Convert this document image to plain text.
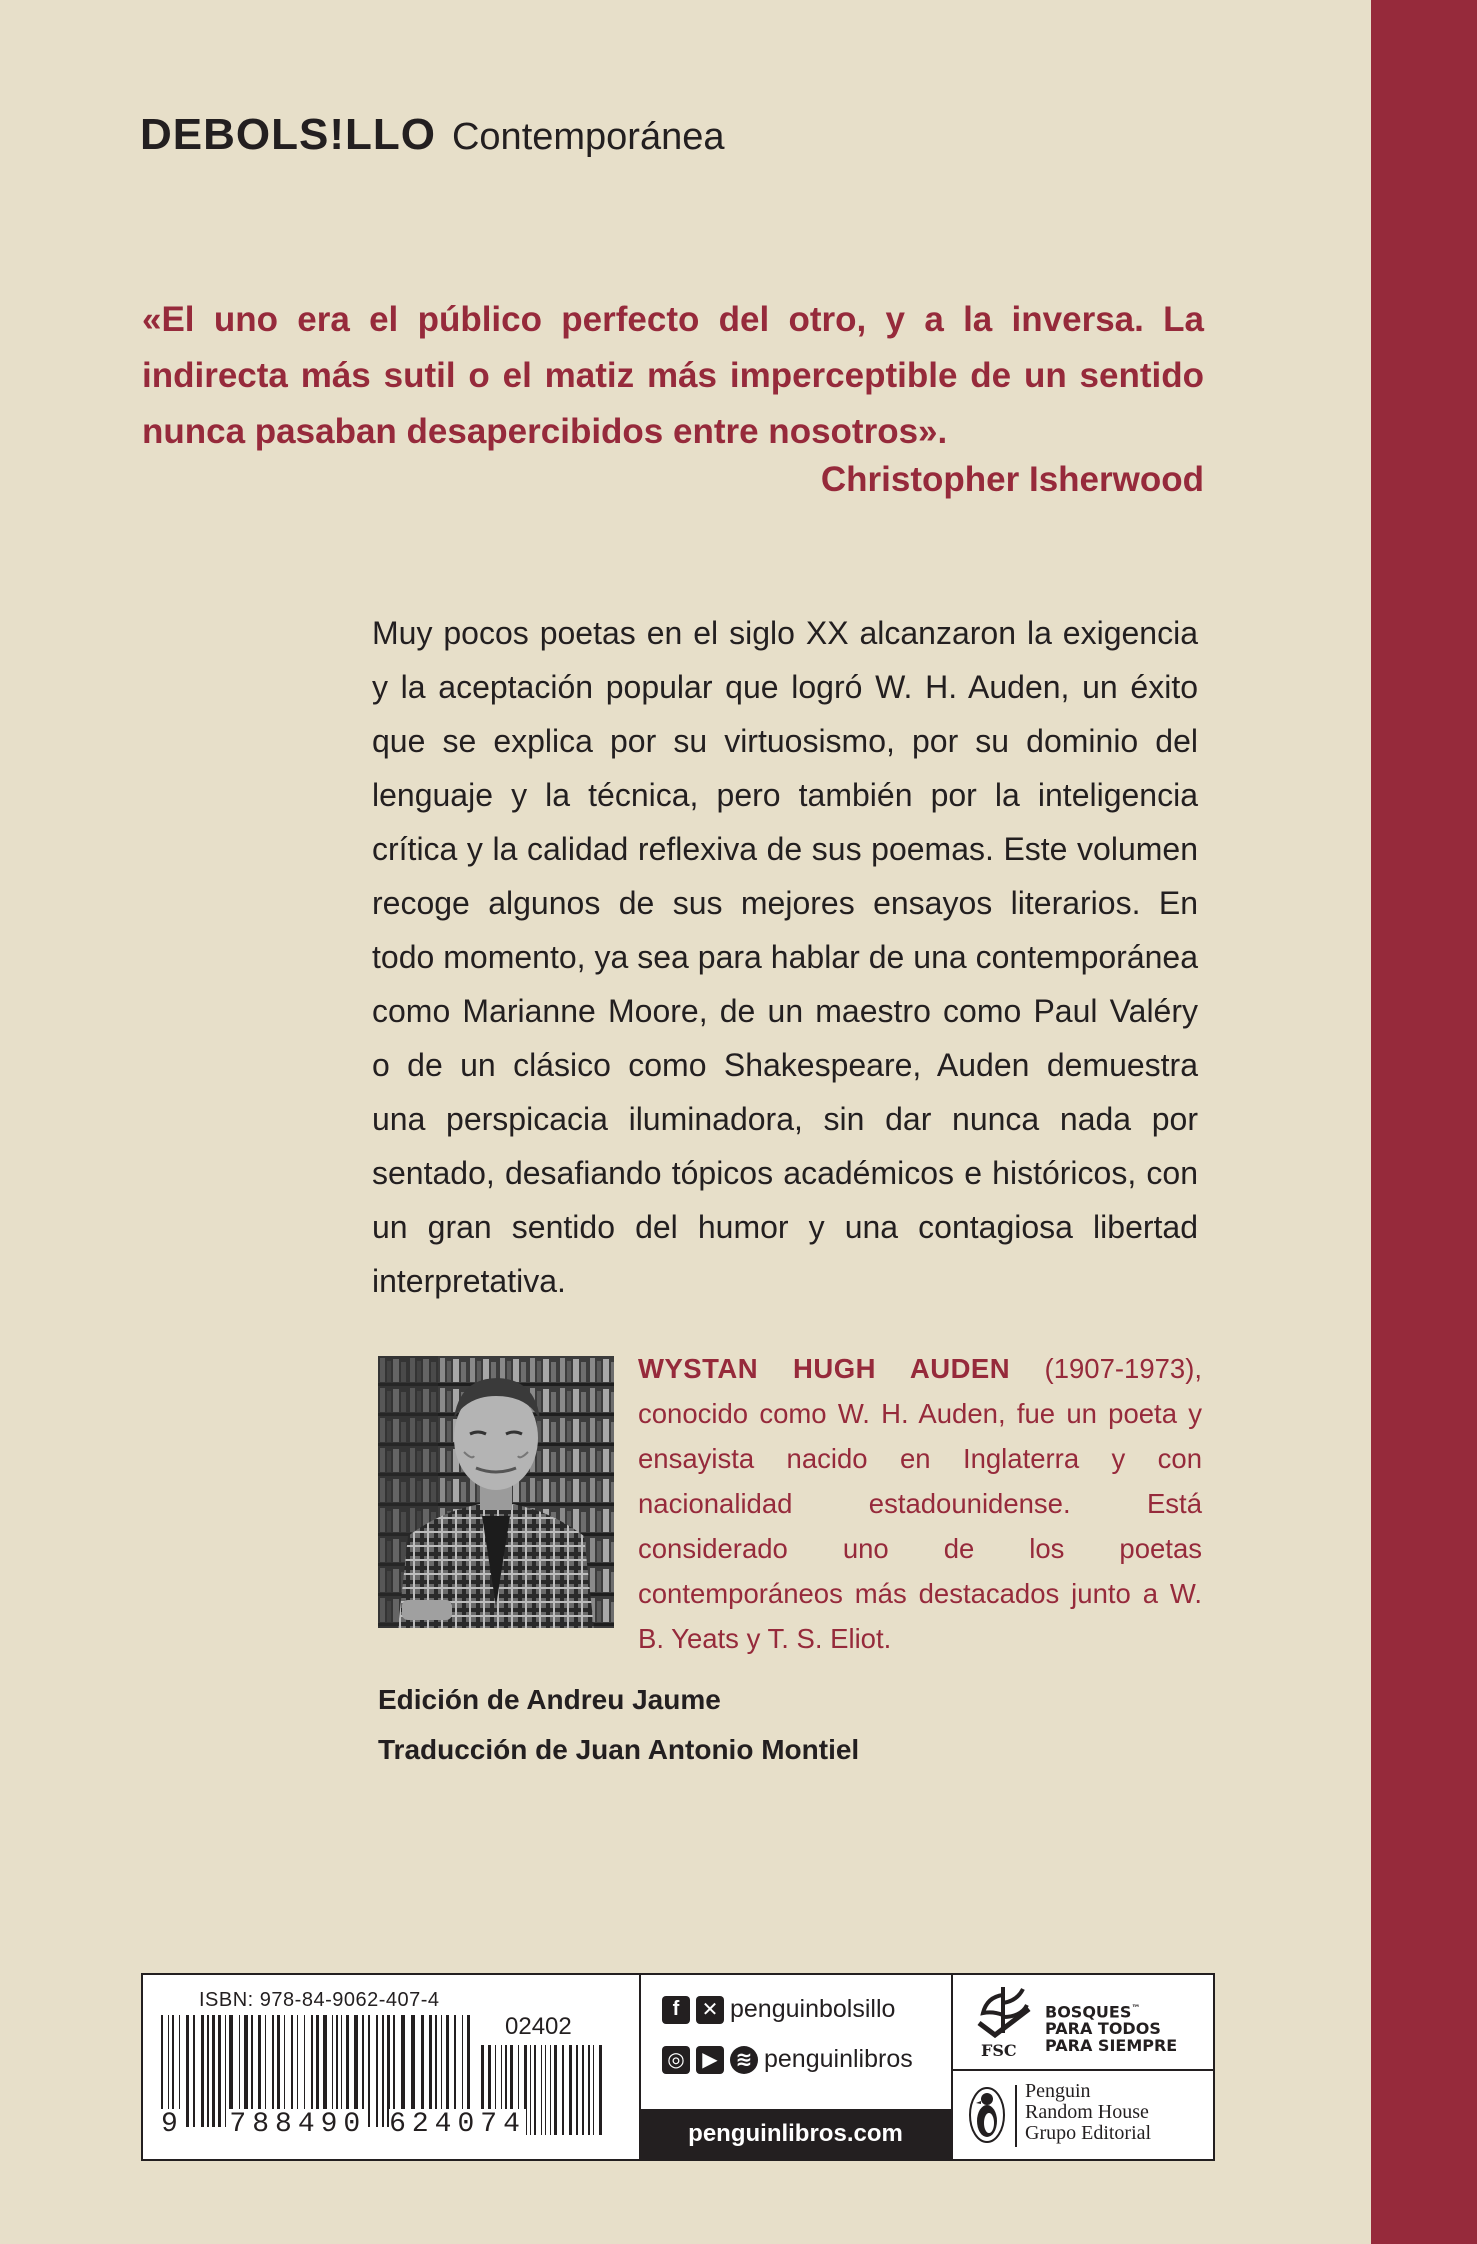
DEBOLS!LLO Contemporánea
«El uno era el público perfecto del otro, y a la inversa. La indirecta más sutil o el matiz más imperceptible de un sentido nunca pasaban desapercibidos entre nosotros».
Christopher Isherwood
Muy pocos poetas en el siglo XX alcanzaron la exigencia y la aceptación popular que logró W. H. Auden, un éxito que se explica por su virtuosismo, por su dominio del lenguaje y la técnica, pero también por la inteligencia crítica y la calidad reflexiva de sus poemas. Este volumen recoge algunos de sus mejores ensayos literarios. En todo momento, ya sea para hablar de una contemporánea como Marianne Moore, de un maestro como Paul Valéry o de un clásico como Shakespeare, Auden demuestra una perspicacia iluminadora, sin dar nunca nada por sentado, desafiando tópicos académicos e históricos, con un gran sentido del humor y una contagiosa libertad interpretativa.
WYSTAN HUGH AUDEN (1907-1973), conocido como W. H. Auden, fue un poeta y ensayista nacido en Inglaterra y con nacionalidad estadounidense. Está considerado uno de los poetas contemporáneos más destacados junto a W. B. Yeats y T. S. Eliot.
Edición de Andreu Jaume
Traducción de Juan Antonio Montiel
ISBN: 978-84-9062-407-4
02402
9 788490 624074
f	✕ penguinbolsillo
◎ ▶ ≋ penguinlibros
penguinlibros.com
BOSQUES™
PARA TODOS
PARA SIEMPRE
FSC
Penguin
Random House
Grupo Editorial
